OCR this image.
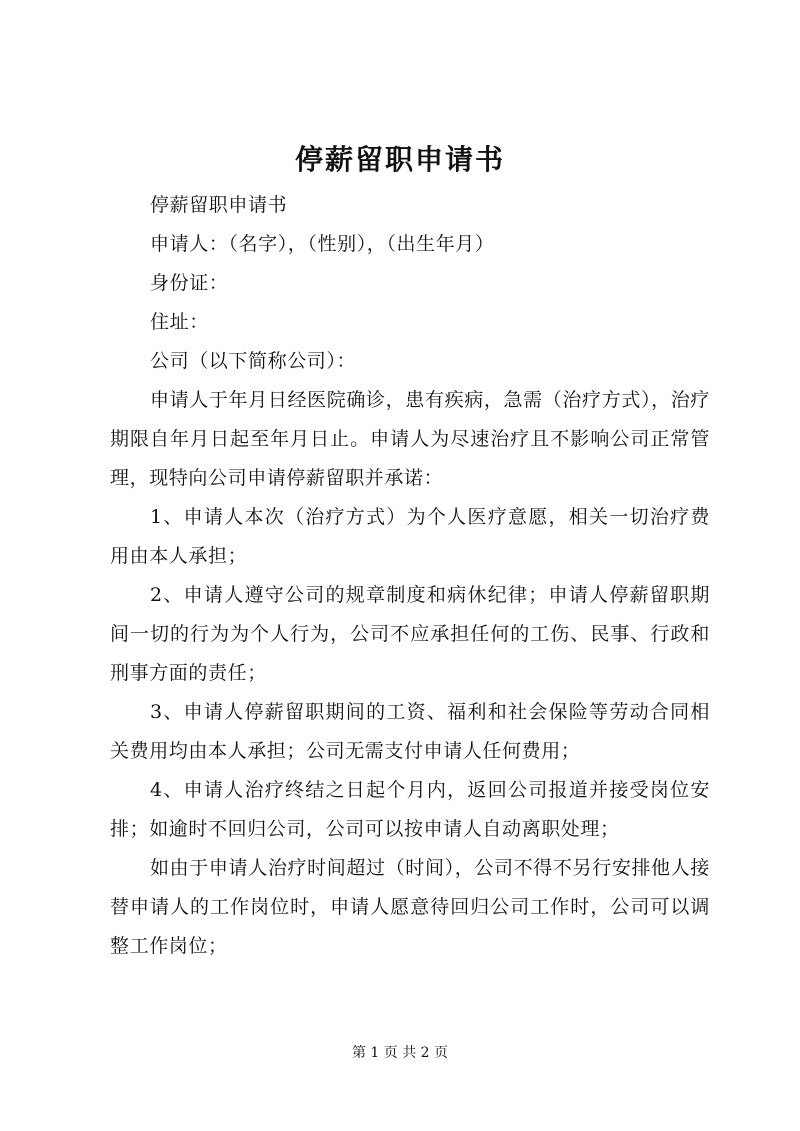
停薪留职申请书

停薪留职申请书

申请人：（名字），（性别），（出生年月）

身份证：

住址：

公司（以下简称公司）：

申请人于年月日经医院确诊，患有疾病，急需（治疗方式），治疗期限自年月日起至年月日止。申请人为尽速治疗且不影响公司正常管理，现特向公司申请停薪留职并承诺：

1、申请人本次（治疗方式）为个人医疗意愿，相关一切治疗费用由本人承担；

2、申请人遵守公司的规章制度和病休纪律；申请人停薪留职期间一切的行为为个人行为，公司不应承担任何的工伤、民事、行政和刑事方面的责任；

3、申请人停薪留职期间的工资、福利和社会保险等劳动合同相关费用均由本人承担；公司无需支付申请人任何费用；

4、申请人治疗终结之日起个月内，返回公司报道并接受岗位安排；如逾时不回归公司，公司可以按申请人自动离职处理；

如由于申请人治疗时间超过（时间），公司不得不另行安排他人接替申请人的工作岗位时，申请人愿意待回归公司工作时，公司可以调整工作岗位；

第 1 页 共 2 页
